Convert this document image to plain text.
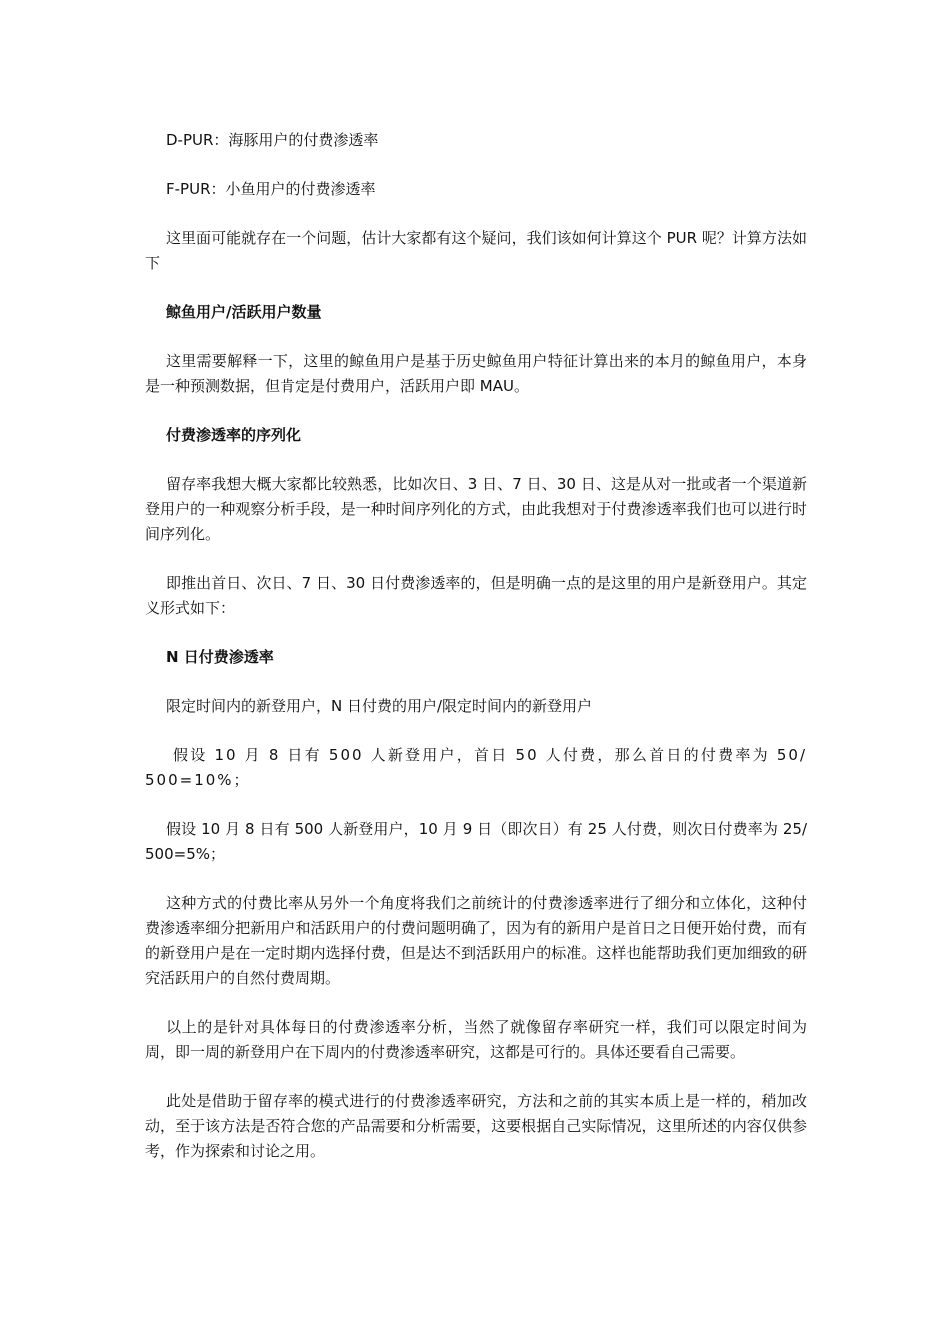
D-PUR：海豚用户的付费渗透率

F-PUR：小鱼用户的付费渗透率

这里面可能就存在一个问题，估计大家都有这个疑问，我们该如何计算这个 PUR 呢？计算方法如下

鲸鱼用户/活跃用户数量

这里需要解释一下，这里的鲸鱼用户是基于历史鲸鱼用户特征计算出来的本月的鲸鱼用户，本身是一种预测数据，但肯定是付费用户，活跃用户即 MAU。

付费渗透率的序列化

留存率我想大概大家都比较熟悉，比如次日、3 日、7 日、30 日、这是从对一批或者一个渠道新登用户的一种观察分析手段，是一种时间序列化的方式，由此我想对于付费渗透率我们也可以进行时间序列化。

即推出首日、次日、7 日、30 日付费渗透率的，但是明确一点的是这里的用户是新登用户。其定义形式如下：

N 日付费渗透率

限定时间内的新登用户，N 日付费的用户/限定时间内的新登用户

假设 10 月 8 日有 500 人新登用户，首日 50 人付费，那么首日的付费率为 50/500=10%；

假设 10 月 8 日有 500 人新登用户，10 月 9 日（即次日）有 25 人付费，则次日付费率为 25/500=5%；

这种方式的付费比率从另外一个角度将我们之前统计的付费渗透率进行了细分和立体化，这种付费渗透率细分把新用户和活跃用户的付费问题明确了，因为有的新用户是首日之日便开始付费，而有的新登用户是在一定时期内选择付费，但是达不到活跃用户的标准。这样也能帮助我们更加细致的研究活跃用户的自然付费周期。

以上的是针对具体每日的付费渗透率分析，当然了就像留存率研究一样，我们可以限定时间为周，即一周的新登用户在下周内的付费渗透率研究，这都是可行的。具体还要看自己需要。

此处是借助于留存率的模式进行的付费渗透率研究，方法和之前的其实本质上是一样的，稍加改动，至于该方法是否符合您的产品需要和分析需要，这要根据自己实际情况，这里所述的内容仅供参考，作为探索和讨论之用。
